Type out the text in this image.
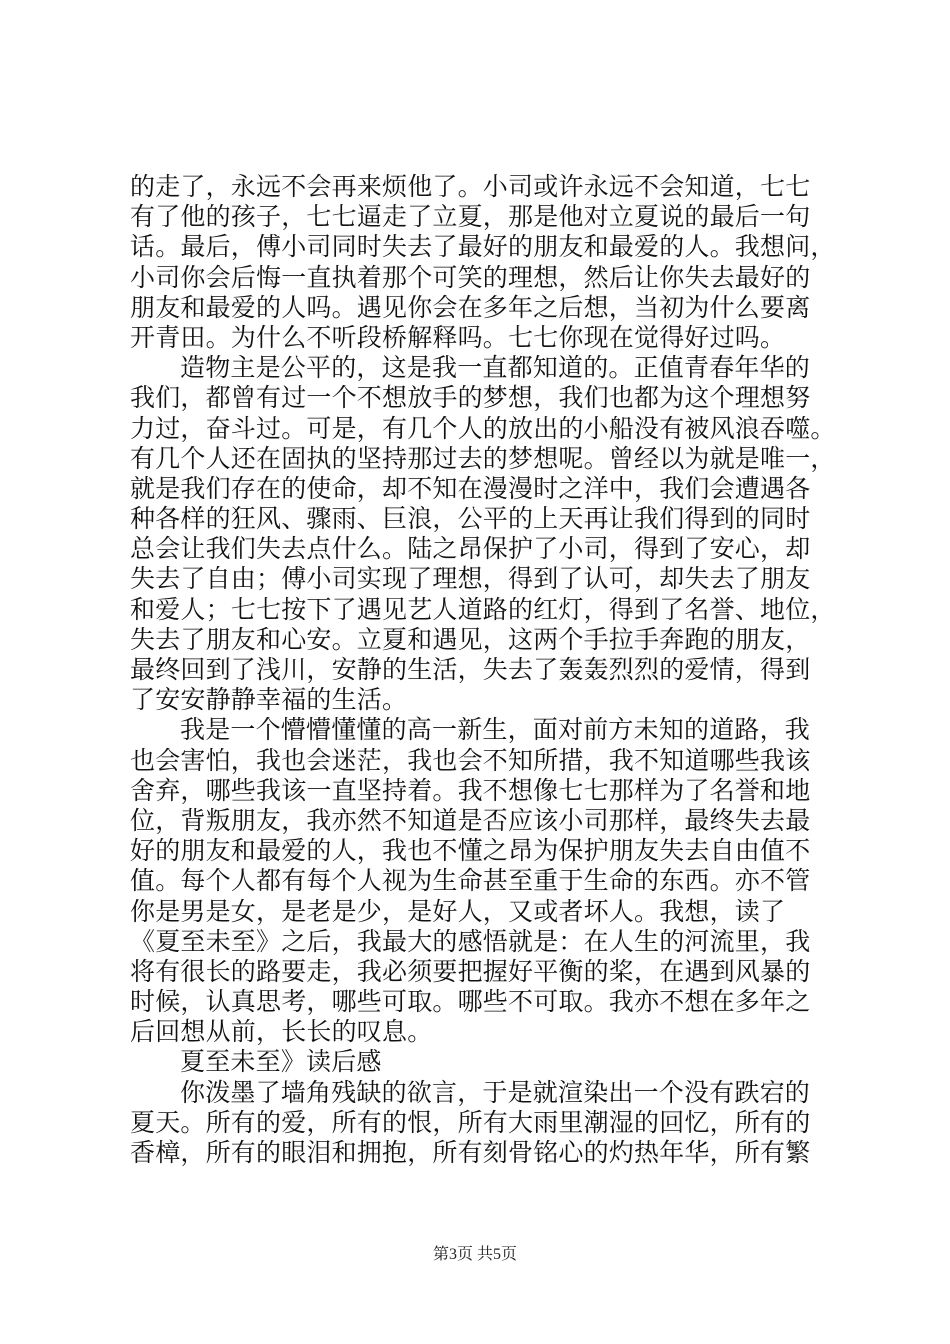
的走了，永远不会再来烦他了。小司或许永远不会知道，七七
有了他的孩子，七七逼走了立夏，那是他对立夏说的最后一句
话。最后，傅小司同时失去了最好的朋友和最爱的人。我想问，
小司你会后悔一直执着那个可笑的理想，然后让你失去最好的
朋友和最爱的人吗。遇见你会在多年之后想，当初为什么要离
开青田。为什么不听段桥解释吗。七七你现在觉得好过吗。
造物主是公平的，这是我一直都知道的。正值青春年华的
我们，都曾有过一个不想放手的梦想，我们也都为这个理想努
力过，奋斗过。可是，有几个人的放出的小船没有被风浪吞噬。
有几个人还在固执的坚持那过去的梦想呢。曾经以为就是唯一，
就是我们存在的使命，却不知在漫漫时之洋中，我们会遭遇各
种各样的狂风、骤雨、巨浪，公平的上天再让我们得到的同时
总会让我们失去点什么。陆之昂保护了小司，得到了安心，却
失去了自由；傅小司实现了理想，得到了认可，却失去了朋友
和爱人；七七按下了遇见艺人道路的红灯，得到了名誉、地位，
失去了朋友和心安。立夏和遇见，这两个手拉手奔跑的朋友，
最终回到了浅川，安静的生活，失去了轰轰烈烈的爱情，得到
了安安静静幸福的生活。
我是一个懵懵懂懂的高一新生，面对前方未知的道路，我
也会害怕，我也会迷茫，我也会不知所措，我不知道哪些我该
舍弃，哪些我该一直坚持着。我不想像七七那样为了名誉和地
位，背叛朋友，我亦然不知道是否应该小司那样，最终失去最
好的朋友和最爱的人，我也不懂之昂为保护朋友失去自由值不
值。每个人都有每个人视为生命甚至重于生命的东西。亦不管
你是男是女，是老是少，是好人，又或者坏人。我想，读了
《夏至未至》之后，我最大的感悟就是：在人生的河流里，我
将有很长的路要走，我必须要把握好平衡的桨，在遇到风暴的
时候，认真思考，哪些可取。哪些不可取。我亦不想在多年之
后回想从前，长长的叹息。
夏至未至》读后感
你泼墨了墙角残缺的欲言，于是就渲染出一个没有跌宕的
夏天。所有的爱，所有的恨，所有大雨里潮湿的回忆，所有的
香樟，所有的眼泪和拥抱，所有刻骨铭心的灼热年华，所有繁
第3页 共5页
